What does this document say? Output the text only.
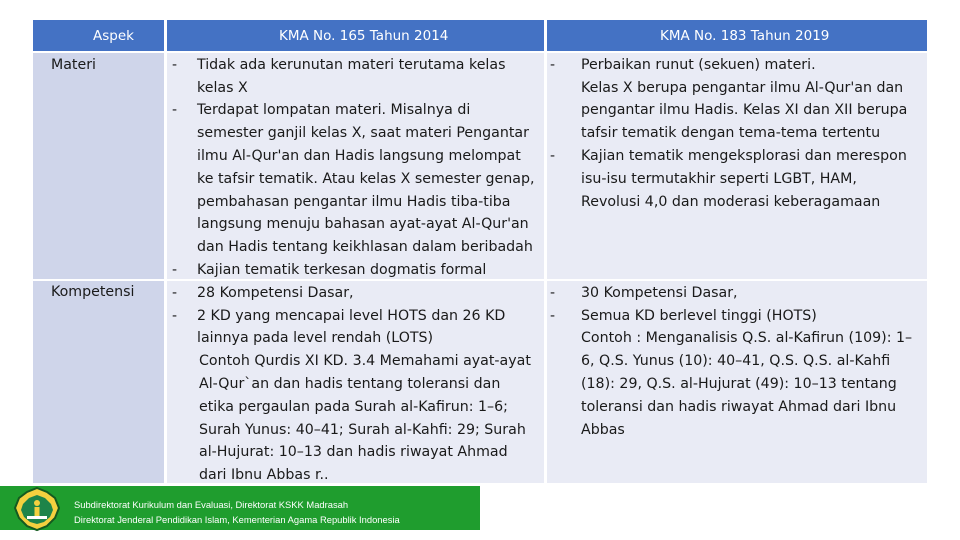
Aspek	KMA No. 165 Tahun 2014	KMA No. 183 Tahun 2019
Materi
Kompetensi
-
-
-
-
-
-
-
-
-
Tidak ada kerunutan materi terutama kelas
kelas X
Terdapat lompatan materi. Misalnya di
semester ganjil kelas X, saat materi Pengantar
ilmu Al-Qur'an dan Hadis langsung melompat
ke tafsir tematik. Atau kelas X semester genap,
pembahasan pengantar ilmu Hadis tiba-tiba
langsung menuju bahasan ayat-ayat Al-Qur'an
dan Hadis tentang keikhlasan dalam beribadah
Kajian tematik terkesan dogmatis formal
28 Kompetensi Dasar,
2 KD yang mencapai level HOTS dan 26 KD
lainnya pada level rendah (LOTS)
Contoh Qurdis XI KD. 3.4 Memahami ayat-ayat
Al-Qur`an dan hadis tentang toleransi dan
etika pergaulan pada Surah al-Kafirun: 1–6;
Surah Yunus: 40–41; Surah al-Kahfi: 29; Surah
al-Hujurat: 10–13 dan hadis riwayat Ahmad
dari Ibnu Abbas r..
Perbaikan runut (sekuen) materi.
Kelas X berupa pengantar ilmu Al-Qur'an dan
pengantar ilmu Hadis. Kelas XI dan XII berupa
tafsir tematik dengan tema-tema tertentu
Kajian tematik mengeksplorasi dan merespon
isu-isu termutakhir seperti LGBT, HAM,
Revolusi 4,0 dan moderasi keberagamaan
30 Kompetensi Dasar,
Semua KD berlevel tinggi (HOTS)
Contoh : Menganalisis Q.S. al-Kafirun (109): 1–
6, Q.S. Yunus (10): 40–41, Q.S. Q.S. al-Kahfi
(18): 29, Q.S. al-Hujurat (49): 10–13 tentang
toleransi dan hadis riwayat Ahmad dari Ibnu
Abbas
Subdirektorat Kurikulum dan Evaluasi, Direktorat KSKK Madrasah
Direktorat Jenderal Pendidikan Islam, Kementerian Agama Republik Indonesia
